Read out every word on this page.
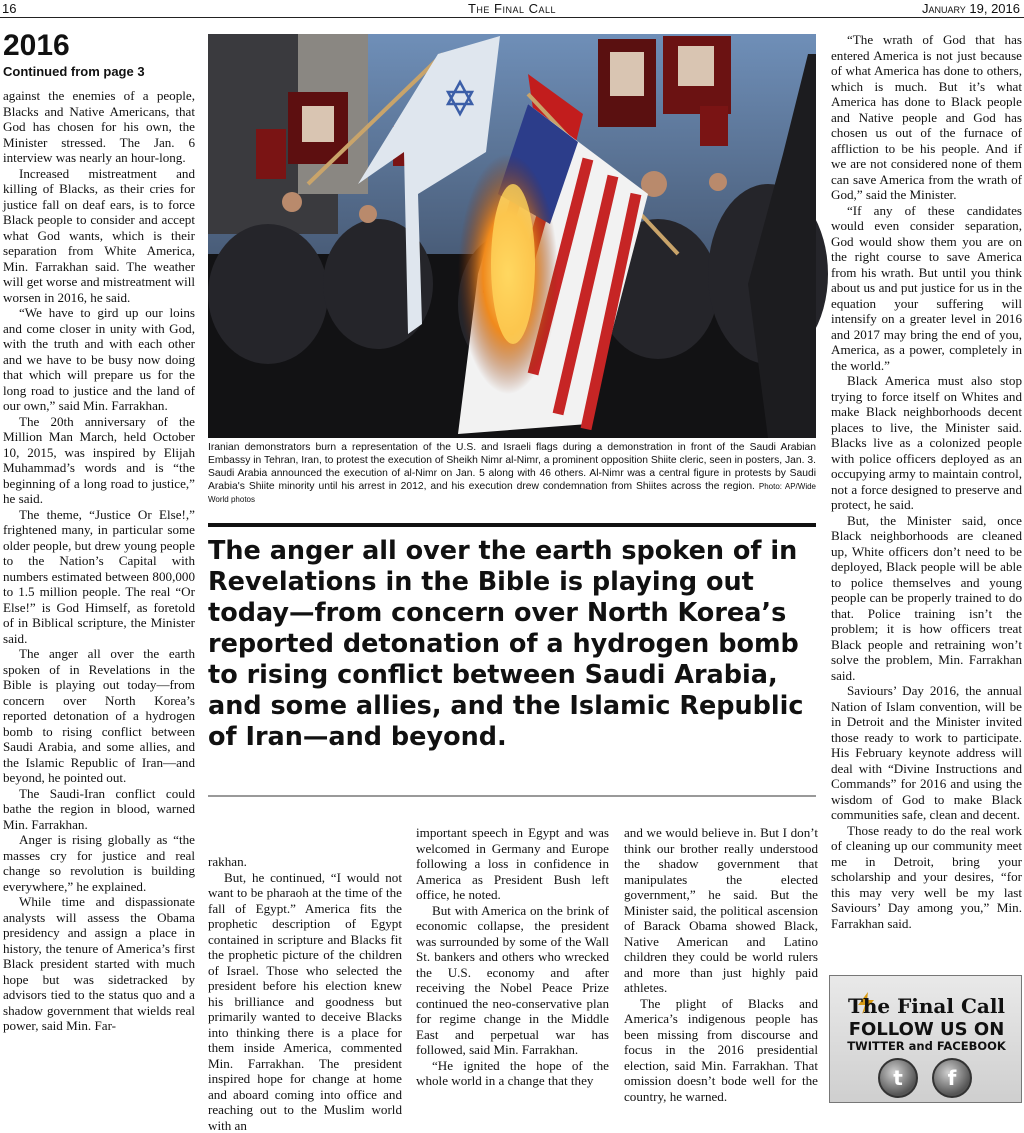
16	The Final Call	January 19, 2016
2016
Continued from page 3

against the enemies of a people, Blacks and Native Americans, that God has chosen for his own, the Minister stressed. The Jan. 6 interview was nearly an hour-long.

Increased mistreatment and killing of Blacks, as their cries for justice fall on deaf ears, is to force Black people to consider and accept what God wants, which is their separation from White America, Min. Farrakhan said. The weather will get worse and mistreatment will worsen in 2016, he said.

“We have to gird up our loins and come closer in unity with God, with the truth and with each other and we have to be busy now doing that which will prepare us for the long road to justice and the land of our own,” said Min. Farrakhan.

The 20th anniversary of the Million Man March, held October 10, 2015, was inspired by Elijah Muhammad’s words and is “the beginning of a long road to justice,” he said.

The theme, “Justice Or Else!,” frightened many, in particular some older people, but drew young people to the Nation’s Capital with numbers estimated between 800,000 to 1.5 million people. The real “Or Else!” is God Himself, as foretold of in Biblical scripture, the Minister said.

The anger all over the earth spoken of in Revelations in the Bible is playing out today—from concern over North Korea’s reported detonation of a hydrogen bomb to rising conflict between Saudi Arabia, and some allies, and the Islamic Republic of Iran—and beyond, he pointed out.

The Saudi-Iran conflict could bathe the region in blood, warned Min. Farrakhan.

Anger is rising globally as “the masses cry for justice and real change so revolution is building everywhere,” he explained.

While time and dispassionate analysts will assess the Obama presidency and assign a place in history, the tenure of America’s first Black president started with much hope but was sidetracked by advisors tied to the status quo and a shadow government that wields real power, said Min. Far-

Iranian demonstrators burn a representation of the U.S. and Israeli flags during a demonstration in front of the Saudi Arabian Embassy in Tehran, Iran, to protest the execution of Sheikh Nimr al-Nimr, a prominent opposition Shiite cleric, seen in posters, Jan. 3. Saudi Arabia announced the execution of al-Nimr on Jan. 5 along with 46 others. Al-Nimr was a central figure in protests by Saudi Arabia's Shiite minority until his arrest in 2012, and his execution drew condemnation from Shiites across the region. Photo: AP/Wide World photos
The anger all over the earth spoken of in Revelations in the Bible is playing out today—from concern over North Korea’s reported detonation of a hydrogen bomb to rising conflict between Saudi Arabia, and some allies, and the Islamic Republic of Iran—and beyond.

rakhan.

But, he continued, “I would not want to be pharaoh at the time of the fall of Egypt.” America fits the prophetic description of Egypt contained in scripture and Blacks fit the prophetic picture of the children of Israel. Those who selected the president before his election knew his brilliance and goodness but primarily wanted to deceive Blacks into thinking there is a place for them inside America, commented Min. Farrakhan. The president inspired hope for change at home and aboard coming into office and reaching out to the Muslim world with an

important speech in Egypt and was welcomed in Germany and Europe following a loss in confidence in America as President Bush left office, he noted.

But with America on the brink of economic collapse, the president was surrounded by some of the Wall St. bankers and others who wrecked the U.S. economy and after receiving the Nobel Peace Prize continued the neo-conservative plan for regime change in the Middle East and perpetual war has followed, said Min. Farrakhan.

“He ignited the hope of the whole world in a change that they

and we would believe in. But I don’t think our brother really understood the shadow government that manipulates the elected government,” he said. But the Minister said, the political ascension of Barack Obama showed Black, Native American and Latino children they could be world rulers and more than just highly paid athletes.

The plight of Blacks and America’s indigenous people has been missing from discourse and focus in the 2016 presidential election, said Min. Farrakhan. That omission doesn’t bode well for the country, he warned.

“The wrath of God that has entered America is not just because of what America has done to others, which is much. But it’s what America has done to Black people and Native people and God has chosen us out of the furnace of affliction to be his people. And if we are not considered none of them can save America from the wrath of God,” said the Minister.

“If any of these candidates would even consider separation, God would show them you are on the right course to save America from his wrath. But until you think about us and put justice for us in the equation your suffering will intensify on a greater level in 2016 and 2017 may bring the end of you, America, as a power, completely in the world.”

Black America must also stop trying to force itself on Whites and make Black neighborhoods decent places to live, the Minister said. Blacks live as a colonized people with police officers deployed as an occupying army to maintain control, not a force designed to preserve and protect, he said.

But, the Minister said, once Black neighborhoods are cleaned up, White officers don’t need to be deployed, Black people will be able to police themselves and young people can be properly trained to do that. Police training isn’t the problem; it is how officers treat Black people and retraining won’t solve the problem, Min. Farrakhan said.

Saviours’ Day 2016, the annual Nation of Islam convention, will be in Detroit and the Minister invited those ready to work to participate. His February keynote address will deal with “Divine Instructions and Commands” for 2016 and using the wisdom of God to make Black communities safe, clean and decent.

Those ready to do the real work of cleaning up our community meet me in Detroit, bring your scholarship and your desires, “for this may very well be my last Saviours’ Day among you,” Min. Farrakhan said.

The Final Call
FOLLOW US ON
TWITTER and FACEBOOK
t	f
